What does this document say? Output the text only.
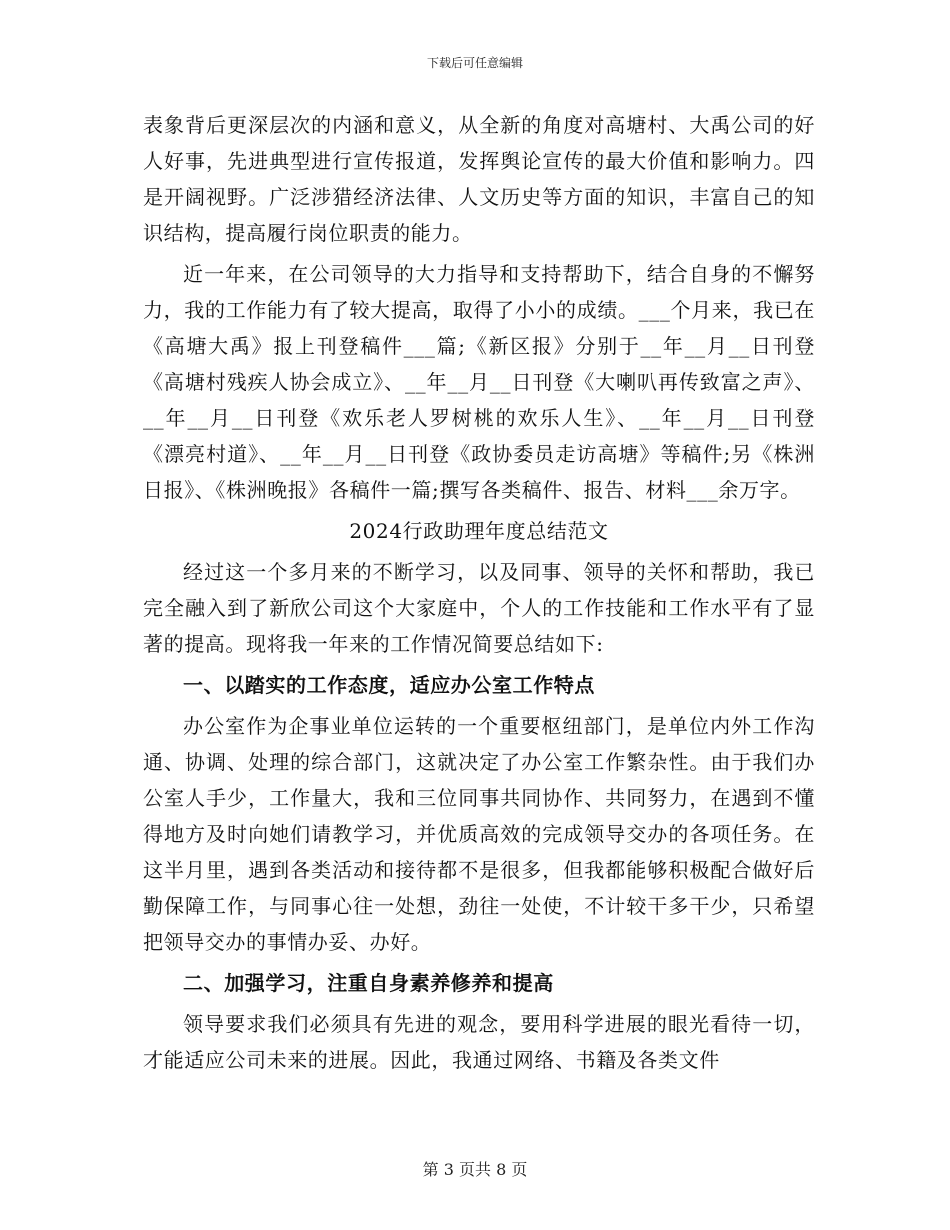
下载后可任意编辑

表象背后更深层次的内涵和意义，从全新的角度对高塘村、大禹公司的好人好事，先进典型进行宣传报道，发挥舆论宣传的最大价值和影响力。四是开阔视野。广泛涉猎经济法律、人文历史等方面的知识，丰富自己的知识结构，提高履行岗位职责的能力。

近一年来，在公司领导的大力指导和支持帮助下，结合自身的不懈努力，我的工作能力有了较大提高，取得了小小的成绩。___个月来，我已在《高塘大禹》报上刊登稿件___篇;《新区报》分别于__年__月__日刊登《高塘村残疾人协会成立》、__年__月__日刊登《大喇叭再传致富之声》、__年__月__日刊登《欢乐老人罗树桃的欢乐人生》、__年__月__日刊登《漂亮村道》、__年__月__日刊登《政协委员走访高塘》等稿件;另《株洲日报》、《株洲晚报》各稿件一篇;撰写各类稿件、报告、材料___余万字。

2024行政助理年度总结范文

经过这一个多月来的不断学习，以及同事、领导的关怀和帮助，我已完全融入到了新欣公司这个大家庭中，个人的工作技能和工作水平有了显著的提高。现将我一年来的工作情况简要总结如下:

一、以踏实的工作态度，适应办公室工作特点

办公室作为企事业单位运转的一个重要枢纽部门，是单位内外工作沟通、协调、处理的综合部门，这就决定了办公室工作繁杂性。由于我们办公室人手少，工作量大，我和三位同事共同协作、共同努力，在遇到不懂得地方及时向她们请教学习，并优质高效的完成领导交办的各项任务。在这半月里，遇到各类活动和接待都不是很多，但我都能够积极配合做好后勤保障工作，与同事心往一处想，劲往一处使，不计较干多干少，只希望把领导交办的事情办妥、办好。

二、加强学习，注重自身素养修养和提高

领导要求我们必须具有先进的观念，要用科学进展的眼光看待一切，才能适应公司未来的进展。因此，我通过网络、书籍及各类文件

第 3 页共 8 页
